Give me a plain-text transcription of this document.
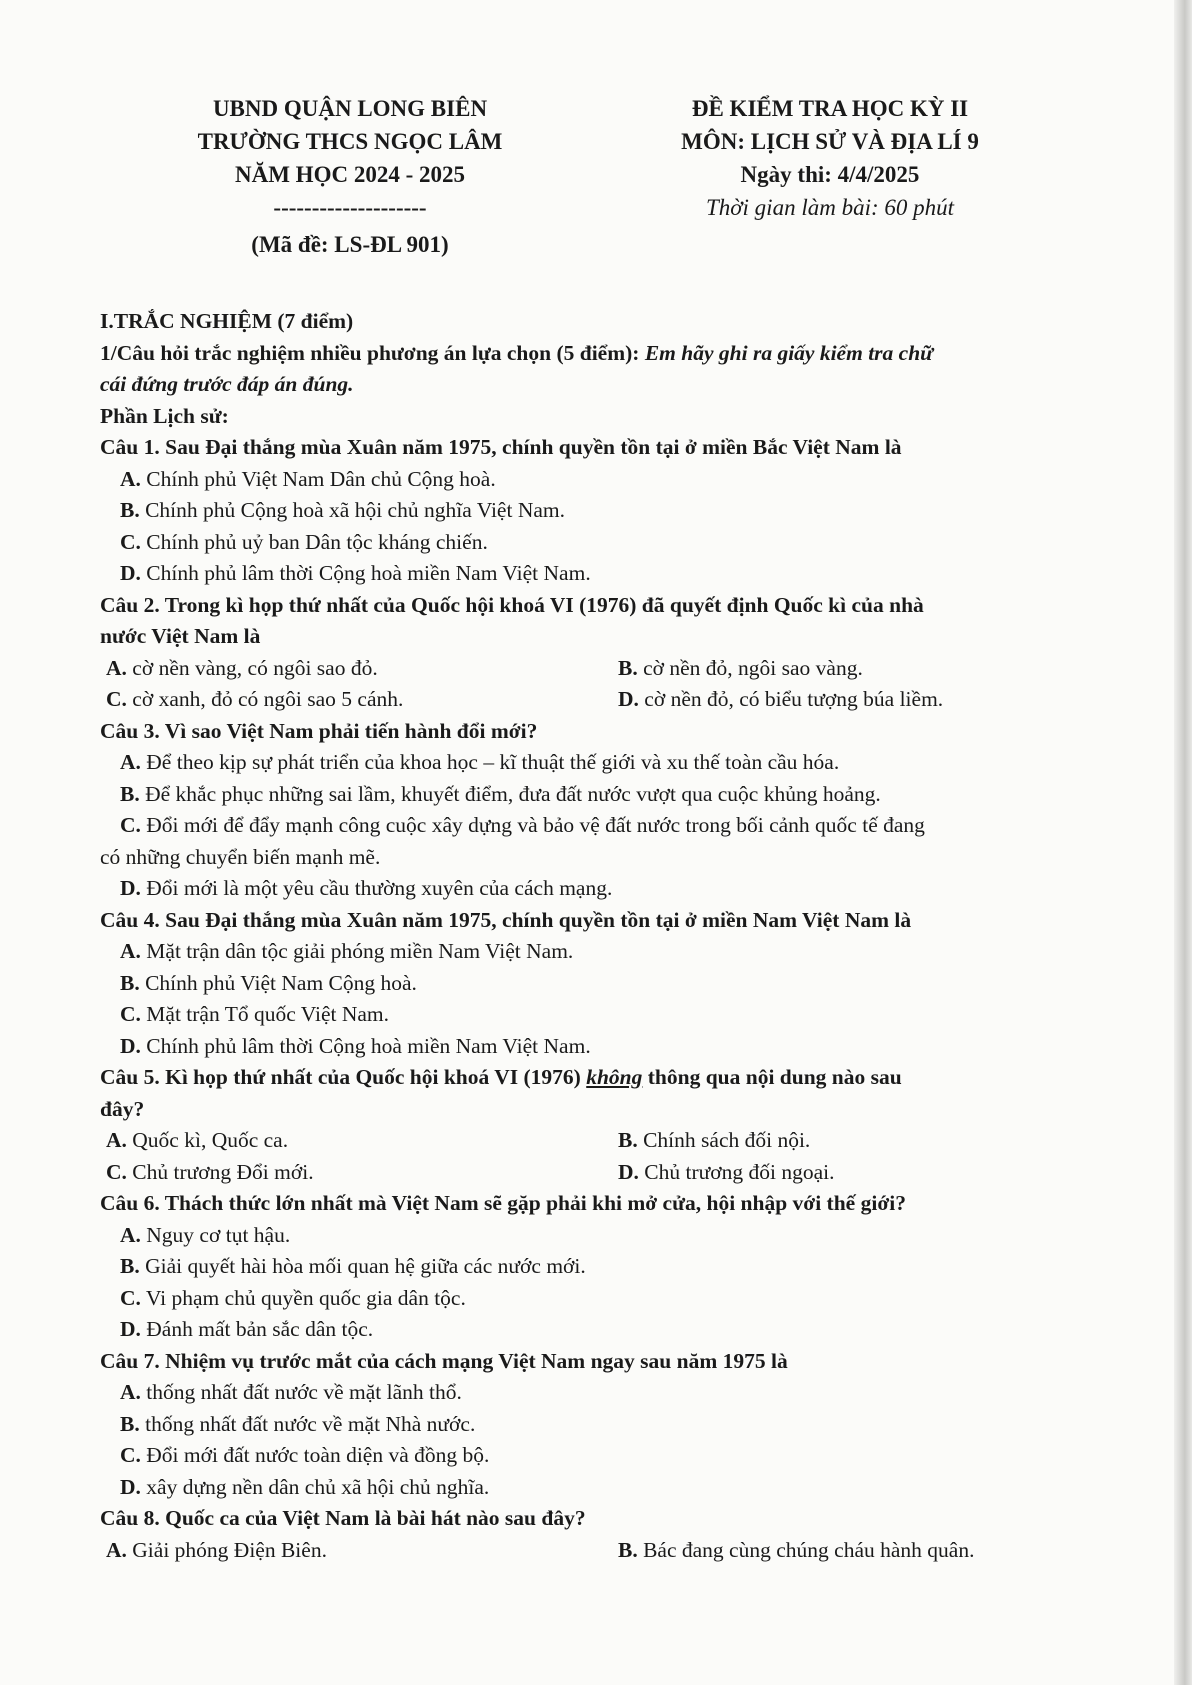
UBND QUẬN LONG BIÊN
TRƯỜNG THCS NGỌC LÂM
NĂM HỌC 2024 - 2025
--------------------
(Mã đề: LS-ĐL 901)
ĐỀ KIỂM TRA HỌC KỲ II
MÔN: LỊCH SỬ VÀ ĐỊA LÍ 9
Ngày thi: 4/4/2025
Thời gian làm bài: 60 phút
I.TRẮC NGHIỆM (7 điểm)
1/Câu hỏi trắc nghiệm nhiều phương án lựa chọn (5 điểm): Em hãy ghi ra giấy kiểm tra chữ
cái đứng trước đáp án đúng.
Phần Lịch sử:
Câu 1. Sau Đại thắng mùa Xuân năm 1975, chính quyền tồn tại ở miền Bắc Việt Nam là
A. Chính phủ Việt Nam Dân chủ Cộng hoà.
B. Chính phủ Cộng hoà xã hội chủ nghĩa Việt Nam.
C. Chính phủ uỷ ban Dân tộc kháng chiến.
D. Chính phủ lâm thời Cộng hoà miền Nam Việt Nam.
Câu 2. Trong kì họp thứ nhất của Quốc hội khoá VI (1976) đã quyết định Quốc kì của nhà
nước Việt Nam là
A. cờ nền vàng, có ngôi sao đỏ.	B. cờ nền đỏ, ngôi sao vàng.
C. cờ xanh, đỏ có ngôi sao 5 cánh.	D. cờ nền đỏ, có biểu tượng búa liềm.
Câu 3. Vì sao Việt Nam phải tiến hành đổi mới?
A. Để theo kịp sự phát triển của khoa học – kĩ thuật thế giới và xu thế toàn cầu hóa.
B. Để khắc phục những sai lầm, khuyết điểm, đưa đất nước vượt qua cuộc khủng hoảng.
C. Đổi mới để đẩy mạnh công cuộc xây dựng và bảo vệ đất nước trong bối cảnh quốc tế đang
có những chuyển biến mạnh mẽ.
D. Đổi mới là một yêu cầu thường xuyên của cách mạng.
Câu 4. Sau Đại thắng mùa Xuân năm 1975, chính quyền tồn tại ở miền Nam Việt Nam là
A. Mặt trận dân tộc giải phóng miền Nam Việt Nam.
B. Chính phủ Việt Nam Cộng hoà.
C. Mặt trận Tổ quốc Việt Nam.
D. Chính phủ lâm thời Cộng hoà miền Nam Việt Nam.
Câu 5. Kì họp thứ nhất của Quốc hội khoá VI (1976) không thông qua nội dung nào sau
đây?
A. Quốc kì, Quốc ca.	B. Chính sách đối nội.
C. Chủ trương Đổi mới.	D. Chủ trương đối ngoại.
Câu 6. Thách thức lớn nhất mà Việt Nam sẽ gặp phải khi mở cửa, hội nhập với thế giới?
A. Nguy cơ tụt hậu.
B. Giải quyết hài hòa mối quan hệ giữa các nước mới.
C. Vi phạm chủ quyền quốc gia dân tộc.
D. Đánh mất bản sắc dân tộc.
Câu 7. Nhiệm vụ trước mắt của cách mạng Việt Nam ngay sau năm 1975 là
A. thống nhất đất nước về mặt lãnh thổ.
B. thống nhất đất nước về mặt Nhà nước.
C. Đổi mới đất nước toàn diện và đồng bộ.
D. xây dựng nền dân chủ xã hội chủ nghĩa.
Câu 8. Quốc ca của Việt Nam là bài hát nào sau đây?
A. Giải phóng Điện Biên.	B. Bác đang cùng chúng cháu hành quân.
